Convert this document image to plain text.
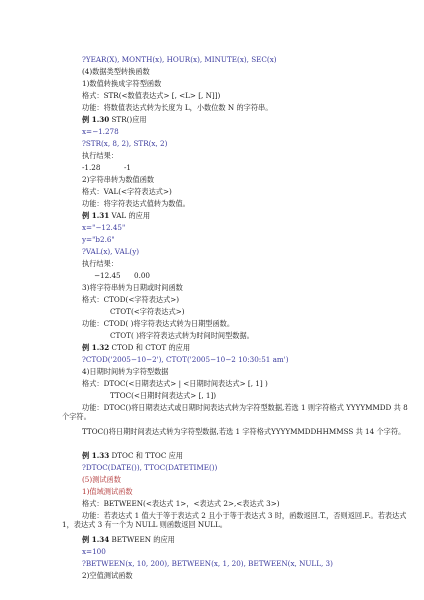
?YEAR(X), MONTH(x), HOUR(x), MINUTE(x), SEC(x)
(4)数据类型转换函数
1)数值转换成字符型函数
格式：STR(<数值表达式> [, <L> [, N]])
功能：将数值表达式转为长度为 L，小数位数 N 的字符串。
例 1.30 STR()应用
x=−1.278
?STR(x, 8, 2), STR(x, 2)
执行结果：
-1.28	-1
2)字符串转为数值函数
格式：VAL(<字符表达式>)
功能：将字符表达式值转为数值。
例 1.31 VAL 的应用
x="−12.45"
y="b2.6"
?VAL(x), VAL(y)
执行结果：
−12.45 0.00
3)将字符串转为日期或时间函数
格式：CTOD(<字符表达式>)
CTOT(<字符表达式>)
功能：CTOD( )将字符表达式转为日期型函数。
CTOT( )将字符表达式转为时间时间型数据。
例 1.32 CTOD 和 CTOT 的应用
?CTOD('2005−10−2'), CTOT('2005−10−2 10:30:51 am')
4)日期时间转为字符型数据
格式：DTOC(<日期表达式> | <日期时间表达式> [, 1] )
TTOC(<日期时间表达式> [, 1])
功能：DTOC()将日期表达式或日期时间表达式转为字符型数据,若选 1 则字符格式 YYYYMMDD 共 8 个字符。
TTOC()将日期时间表达式转为字符型数据,若选 1 字符格式YYYYMMDDHHMMSS 共 14 个字符。
例 1.33 DTOC 和 TTOC 应用
?DTOC(DATE()), TTOC(DATETIME())
(5)测试函数
1)值域测试函数
格式：BETWEEN(<表达式 1>，<表达式 2>,<表达式 3>)
功能：若表达式 1 值大于等于表达式 2 且小于等于表达式 3 时，函数返回.T.，否则返回.F.。若表达式 1，表达式 3 有一个为 NULL 则函数返回 NULL。
例 1.34 BETWEEN 的应用
x=100
?BETWEEN(x, 10, 200), BETWEEN(x, 1, 20), BETWEEN(x, NULL, 3)
2)空值测试函数
